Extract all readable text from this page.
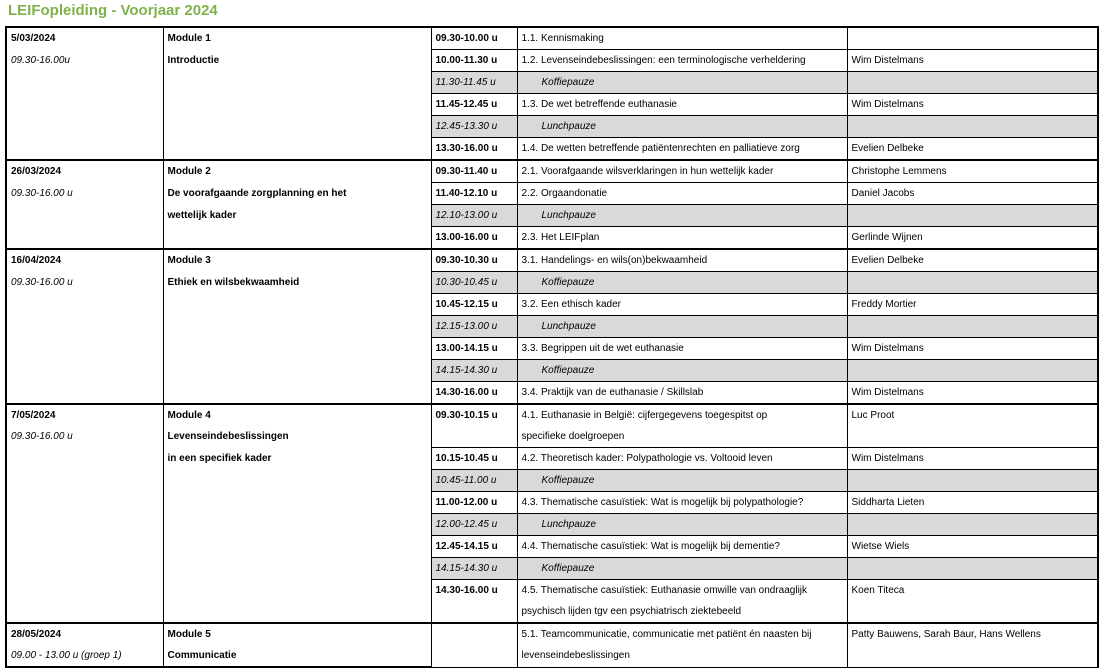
LEIFopleiding - Voorjaar 2024
5/03/2024	Module 1	09.30-10.00 u	1.1. Kennismaking	
09.30-16.00u	Introductie	10.00-11.30 u	1.2. Levenseindebeslissingen: een terminologische verheldering	Wim Distelmans
		11.30-11.45 u	Koffiepauze	
		11.45-12.45 u	1.3. De wet betreffende euthanasie	Wim Distelmans
		12.45-13.30 u	Lunchpauze	
		13.30-16.00 u	1.4. De wetten betreffende patiëntenrechten en palliatieve zorg	Evelien Delbeke
26/03/2024	Module 2	09.30-11.40 u	2.1. Voorafgaande wilsverklaringen in hun wettelijk kader	Christophe Lemmens
09.30-16.00 u	De voorafgaande zorgplanning en het	11.40-12.10 u	2.2. Orgaandonatie	Daniel Jacobs
	wettelijk kader	12.10-13.00 u	Lunchpauze	
		13.00-16.00 u	2.3. Het LEIFplan	Gerlinde Wijnen
16/04/2024	Module 3	09.30-10.30 u	3.1. Handelings- en wils(on)bekwaamheid	Evelien Delbeke
09.30-16.00 u	Ethiek en wilsbekwaamheid	10.30-10.45 u	Koffiepauze	
		10.45-12.15 u	3.2. Een ethisch kader	Freddy Mortier
		12.15-13.00 u	Lunchpauze	
		13.00-14.15 u	3.3. Begrippen uit de wet euthanasie	Wim Distelmans
		14.15-14.30 u	Koffiepauze	
		14.30-16.00 u	3.4. Praktijk van de euthanasie / Skillslab	Wim Distelmans
7/05/2024	Module 4	09.30-10.15 u	4.1. Euthanasie in België: cijfergegevens toegespitst op	Luc Proot
09.30-16.00 u	Levenseindebeslissingen		specifieke doelgroepen	
	in een specifiek kader	10.15-10.45 u	4.2. Theoretisch kader: Polypathologie vs. Voltooid leven	Wim Distelmans
		10.45-11.00 u	Koffiepauze	
		11.00-12.00 u	4.3. Thematische casuïstiek: Wat is mogelijk bij polypathologie?	Siddharta Lieten
		12.00-12.45 u	Lunchpauze	
		12.45-14.15 u	4.4. Thematische casuïstiek: Wat is mogelijk bij dementie?	Wietse Wiels
		14.15-14.30 u	Koffiepauze	
		14.30-16.00 u	4.5. Thematische casuïstiek: Euthanasie omwille van ondraaglijk	Koen Titeca
			psychisch lijden tgv een psychiatrisch ziektebeeld	
28/05/2024	Module 5		5.1. Teamcommunicatie, communicatie met patiënt én naasten bij	Patty Bauwens, Sarah Baur, Hans Wellens
09.00 - 13.00 u (groep 1)	Communicatie		levenseindebeslissingen	
